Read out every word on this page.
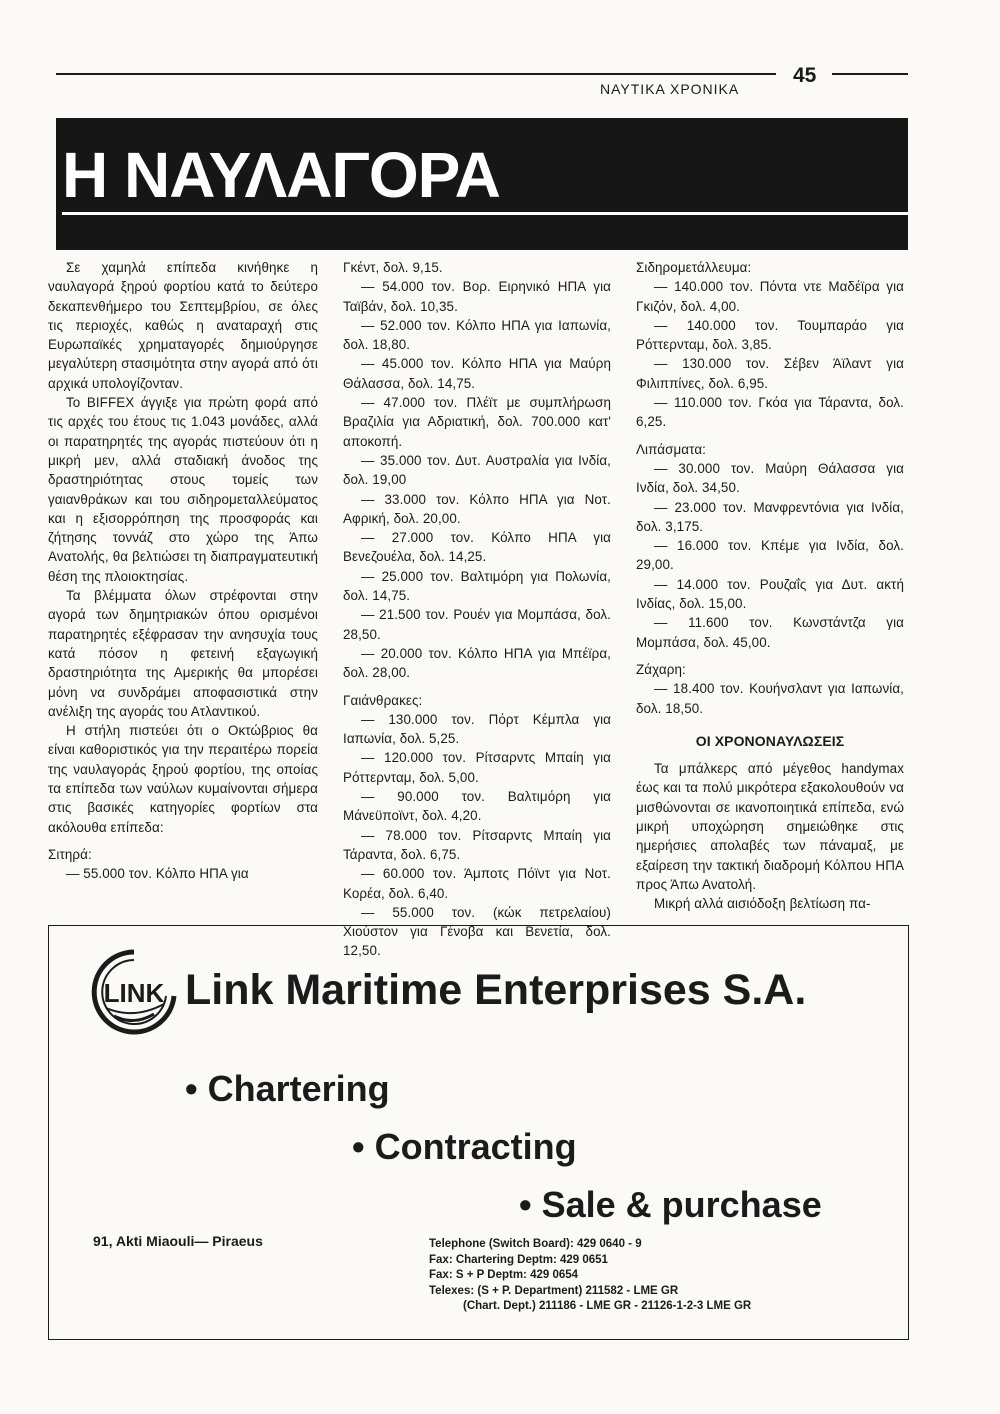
ΝΑΥΤΙΚΑ ΧΡΟΝΙΚΑ
45
Η ΝΑΥΛΑΓΟΡΑ

Σε χαμηλά επίπεδα κινήθηκε η ναυλαγορά ξηρού φορτίου κατά το δεύτερο δεκαπενθήμερο του Σεπτεμβρίου, σε όλες τις περιοχές, καθώς η αναταραχή στις Ευρωπαϊκές χρηματαγορές δημιούργησε μεγαλύτερη στασιμότητα στην αγορά από ότι αρχικά υπολογίζονταν.

Το BIFFEX άγγιξε για πρώτη φορά από τις αρχές του έτους τις 1.043 μονάδες, αλλά οι παρατηρητές της αγοράς πιστεύουν ότι η μικρή μεν, αλλά σταδιακή άνοδος της δραστηριότητας στους τομείς των γαιανθράκων και του σιδηρομεταλλεύματος και η εξισορρόπηση της προσφοράς και ζήτησης τοννάζ στο χώρο της Άπω Ανατολής, θα βελτιώσει τη διαπραγματευτική θέση της πλοιοκτησίας.

Τα βλέμματα όλων στρέφονται στην αγορά των δημητριακών όπου ορισμένοι παρατηρητές εξέφρασαν την ανησυχία τους κατά πόσον η φετεινή εξαγωγική δραστηριότητα της Αμερικής θα μπορέσει μόνη να συνδράμει αποφασιστικά στην ανέλιξη της αγοράς του Ατλαντικού.

Η στήλη πιστεύει ότι ο Οκτώβριος θα είναι καθοριστικός για την περαιτέρω πορεία της ναυλαγοράς ξηρού φορτίου, της οποίας τα επίπεδα των ναύλων κυμαίνονται σήμερα στις βασικές κατηγορίες φορτίων στα ακόλουθα επίπεδα:

Σιτηρά:

— 55.000 τον. Κόλπο ΗΠΑ για

Γκέντ, δολ. 9,15.

— 54.000 τον. Βορ. Ειρηνικό ΗΠΑ για Ταϊβάν, δολ. 10,35.

— 52.000 τον. Κόλπο ΗΠΑ για Ιαπωνία, δολ. 18,80.

— 45.000 τον. Κόλπο ΗΠΑ για Μαύρη Θάλασσα, δολ. 14,75.

— 47.000 τον. Πλέϊτ με συμπλήρωση Βραζιλία για Αδριατική, δολ. 700.000 κατ' αποκοπή.

— 35.000 τον. Δυτ. Αυστραλία για Ινδία, δολ. 19,00

— 33.000 τον. Κόλπο ΗΠΑ για Νοτ. Αφρική, δολ. 20,00.

— 27.000 τον. Κόλπο ΗΠΑ για Βενεζουέλα, δολ. 14,25.

— 25.000 τον. Βαλτιμόρη για Πολωνία, δολ. 14,75.

— 21.500 τον. Ρουέν για Μομπάσα, δολ. 28,50.

— 20.000 τον. Κόλπο ΗΠΑ για Μπέϊρα, δολ. 28,00.

Γαιάνθρακες:

— 130.000 τον. Πόρτ Κέμπλα για Ιαπωνία, δολ. 5,25.

— 120.000 τον. Ρίτσαρντς Μπαίη για Ρόττερνταμ, δολ. 5,00.

— 90.000 τον. Βαλτιμόρη για Μάνεϋποϊντ, δολ. 4,20.

— 78.000 τον. Ρίτσαρντς Μπαίη για Τάραντα, δολ. 6,75.

— 60.000 τον. Άμποτς Πόϊντ για Νοτ. Κορέα, δολ. 6,40.

— 55.000 τον. (κώκ πετρελαίου) Χιούστον για Γένοβα και Βενετία, δολ. 12,50.

Σιδηρομετάλλευμα:

— 140.000 τον. Πόντα ντε Μαδέϊρα για Γκιζόν, δολ. 4,00.

— 140.000 τον. Τουμπαράο για Ρόττερνταμ, δολ. 3,85.

— 130.000 τον. Σέβεν Άϊλαντ για Φιλιππίνες, δολ. 6,95.

— 110.000 τον. Γκόα για Τάραντα, δολ. 6,25.

Λιπάσματα:

— 30.000 τον. Μαύρη Θάλασσα για Ινδία, δολ. 34,50.

— 23.000 τον. Μανφρεντόνια για Ινδία, δολ. 3,175.

— 16.000 τον. Κπέμε για Ινδία, δολ. 29,00.

— 14.000 τον. Ρουζαΐς για Δυτ. ακτή Ινδίας, δολ. 15,00.

— 11.600 τον. Κωνστάντζα για Μομπάσα, δολ. 45,00.

Ζάχαρη:

— 18.400 τον. Κουήνσλαντ για Ιαπωνία, δολ. 18,50.

ΟΙ ΧΡΟΝΟΝΑΥΛΩΣΕΙΣ

Τα μπάλκερς από μέγεθος handymax έως και τα πολύ μικρότερα εξακολουθούν να μισθώνονται σε ικανοποιητικά επίπεδα, ενώ μικρή υποχώρηση σημειώθηκε στις ημερήσιες απολαβές των πάναμαξ, με εξαίρεση την τακτική διαδρομή Κόλπου ΗΠΑ προς Άπω Ανατολή.

Μικρή αλλά αισιόδοξη βελτίωση πα-

LINK Link Maritime Enterprises S.A.
• Chartering
• Contracting
• Sale & purchase
91, Akti Miaouli— Piraeus	Telephone (Switch Board): 429 0640 - 9
Fax: Chartering Deptm: 429 0651
Fax: S + P Deptm: 429 0654
Telexes: (S + P. Department) 211582 - LME GR
(Chart. Dept.) 211186 - LME GR - 21126-1-2-3 LME GR
